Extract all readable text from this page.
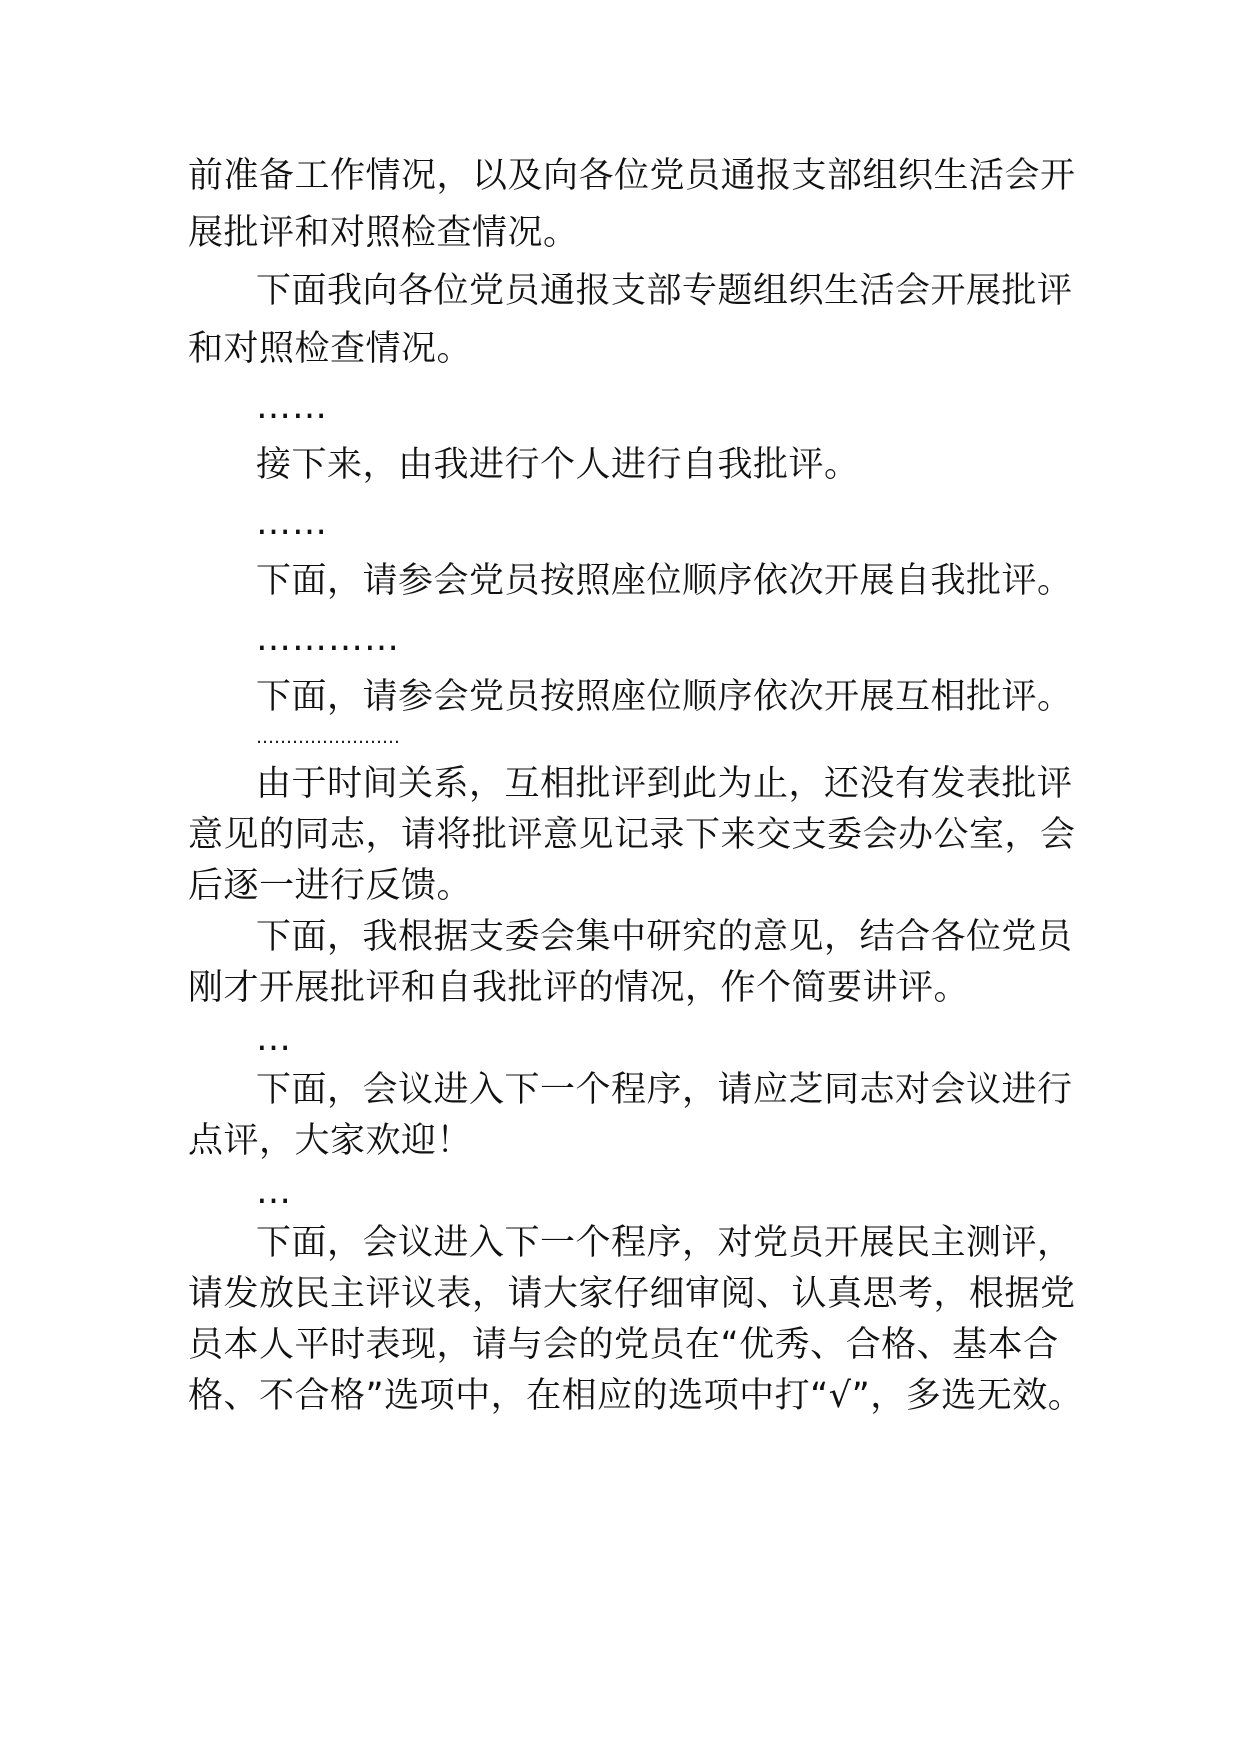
前准备工作情况，以及向各位党员通报支部组织生活会开
展批评和对照检查情况。
下面我向各位党员通报支部专题组织生活会开展批评
和对照检查情况。
……
接下来，由我进行个人进行自我批评。
……
下面，请参会党员按照座位顺序依次开展自我批评。
…………
下面，请参会党员按照座位顺序依次开展互相批评。
……………………
由于时间关系，互相批评到此为止，还没有发表批评
意见的同志，请将批评意见记录下来交支委会办公室，会
后逐一进行反馈。
下面，我根据支委会集中研究的意见，结合各位党员
刚才开展批评和自我批评的情况，作个简要讲评。
…
下面，会议进入下一个程序，请应芝同志对会议进行
点评，大家欢迎！
…
下面，会议进入下一个程序，对党员开展民主测评，
请发放民主评议表，请大家仔细审阅、认真思考，根据党
员本人平时表现，请与会的党员在“优秀、合格、基本合
格、不合格”选项中，在相应的选项中打“√”，多选无效。
